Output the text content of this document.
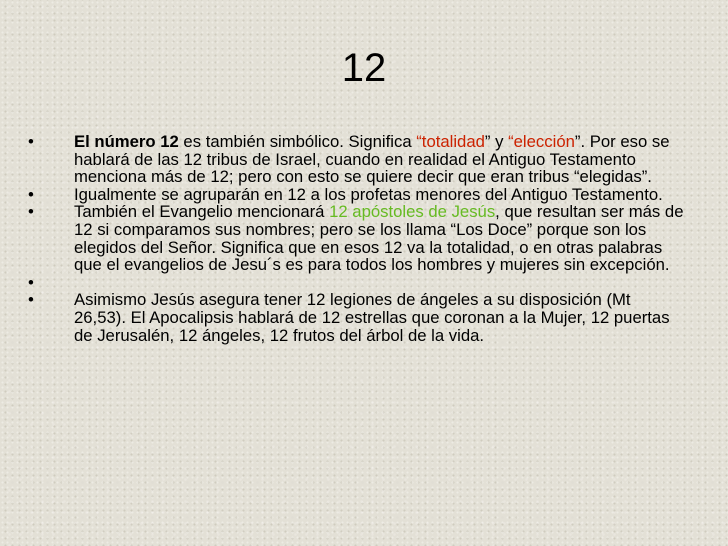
12
• El número 12 es también simbólico. Significa “totalidad” y “elección”. Por eso se hablará de las 12 tribus de Israel, cuando en realidad el Antiguo Testamento menciona más de 12; pero con esto se quiere decir que eran tribus “elegidas”.
• Igualmente se agruparán en 12 a los profetas menores del Antiguo Testamento.
• También el Evangelio mencionará 12 apóstoles de Jesús, que resultan ser más de 12 si comparamos sus nombres; pero se los llama “Los Doce” porque son los elegidos del Señor. Significa que en esos 12 va la totalidad, o en otras palabras que el evangelios de Jesu´s es para todos los hombres y mujeres sin excepción.
•
• Asimismo Jesús asegura tener 12 legiones de ángeles a su disposición (Mt 26,53). El Apocalipsis hablará de 12 estrellas que coronan a la Mujer, 12 puertas de Jerusalén, 12 ángeles, 12 frutos del árbol de la vida.
